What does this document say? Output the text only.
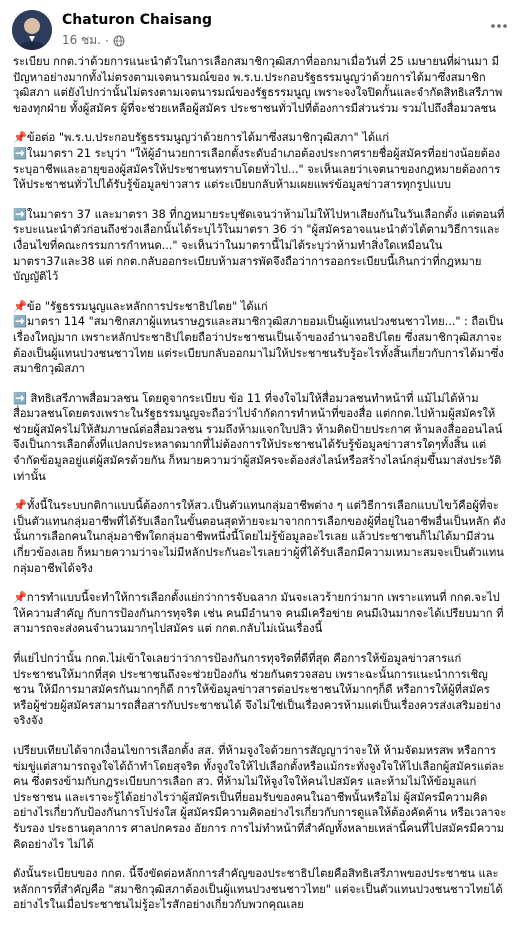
Chaturon Chaisang
16 ชม. ·

ระเบียบ กกต.ว่าด้วยการแนะนำตัวในการเลือกสมาชิกวุฒิสภาที่ออกมาเมื่อวันที่ 25 เมษายนที่ผ่านมา มีปัญหาอย่างมากทั้งไม่ตรงตามเจตนารมณ์ของ พ.ร.บ.ประกอบรัฐธรรมนูญว่าด้วยการได้มาซึ่งสมาชิกวุฒิสภา แต่ยังไปกว่านั้นไม่ตรงตามเจตนารมณ์ของรัฐธรรมนูญ เพราะจงใจปิดกั้นและจำกัดสิทธิเสรีภาพของทุกฝ่าย ทั้งผู้สมัคร ผู้ที่จะช่วยเหลือผู้สมัคร ประชาชนทั่วไปที่ต้องการมีส่วนร่วม รวมไปถึงสื่อมวลชน

📌ข้อต่อ "พ.ร.บ.ประกอบรัฐธรรมนูญว่าด้วยการได้มาซึ่งสมาชิกวุฒิสภา" ได้แก่
➡️ในมาตรา 21 ระบุว่า "ให้ผู้อำนวยการเลือกตั้งระดับอำเภอต้องประกาศรายชื่อผู้สมัครที่อย่างน้อยต้องระบุอาชีพและอายุของผู้สมัครให้ประชาชนทราบโดยทั่วไป..." จะเห็นเลยว่าเจตนาของกฎหมายต้องการให้ประชาชนทั่วไปได้รับรู้ข้อมูลข่าวสาร แต่ระเบียบกลับห้ามเผยแพร่ข้อมูลข่าวสารทุกรูปแบบ

➡️ในมาตรา 37 และมาตรา 38 ที่กฎหมายระบุชัดเจนว่าห้ามไม่ให้ไปหาเสียงกันในวันเลือกตั้ง แต่ตอนที่ระบะแนะนำตัวก่อนถึงช่วงเลือกนั้นได้ระบุไว้ในมาตรา 36 ว่า "ผู้สมัครอาจแนะนำตัวได้ตามวิธีการและเงื่อนไขที่คณะกรรมการกำหนด..." จะเห็นว่าในมาตรานี้ไม่ได้ระบุว่าห้ามทำสิ่งใดเหมือนในมาตรา37และ38 แต่ กกต.กลับออกระเบียบห้ามสารพัดจึงถือว่าการออกระเบียบนี้เกินกว่าที่กฎหมายบัญญัติไว้

📌ข้อ "รัฐธรรมนูญและหลักการประชาธิปไตย" ได้แก่
➡️มาตรา 114 "สมาชิกสภาผู้แทนราษฎรและสมาชิกวุฒิสภายอมเป็นผู้แทนปวงชนชาวไทย..." : ถือเป็นเรื่องใหญ่มาก เพราะหลักประชาธิปไตยถือว่าประชาชนเป็นเจ้าของอำนาจอธิปไตย ซึ่งสมาชิกวุฒิสภาจะต้องเป็นผู้แทนปวงชนชาวไทย แต่ระเบียบกลับออกมาไม่ให้ประชาชนรับรู้อะไรทั้งสิ้นเกี่ยวกับการได้มาซึ่งสมาชิกวุฒิสภา

➡️ สิทธิเสรีภาพสื่อมวลชน โดยดูจากระเบียบ ข้อ 11 ที่จงใจไม่ให้สื่อมวลชนทำหน้าที่ แม้ไม่ได้ห้ามสื่อมวลชนโดยตรงเพราะในรัฐธรรมนูญจะถือว่าไปจำกัดการทำหน้าที่ของสื่อ แต่กกต.ไปห้ามผู้สมัครให้ช่วยผู้สมัครไม่ให้สัมภาษณ์ต่อสื่อมวลชน รวมถึงห้ามแจกใบปลิว ห้ามติดป้ายประกาศ ห้ามลงสื่อออนไลน์ จึงเป็นการเลือกตั้งที่แปลกประหลาดมากที่ไม่ต้องการให้ประชาชนได้รับรู้ข้อมูลข่าวสารใดๆทั้งสิ้น แต่จำกัดข้อมูลอยู่แต่ผู้สมัครด้วยกัน ก็หมายความว่าผู้สมัครจะต้องส่งไลน์หรือสร้างไลน์กลุ่มขึ้นมาส่งประวัติเท่านั้น

📌ทั้งนี้ในระบบกติกาแบบนี้ต้องการให้สว.เป็นตัวแทนกลุ่มอาชีพต่าง ๆ แต่วิธีการเลือกแบบไขว้คือผู้ที่จะเป็นตัวแทนกลุ่มอาชีพที่ได้รับเลือกในขั้นตอนสุดท้ายจะมาจากการเลือกของผู้ที่อยู่ในอาชีพอื่นเป็นหลัก ดังนั้นการเลือกคนในกลุ่มอาชีพใดกลุ่มอาชีพหนึ่งนี้โดยไม่รู้ข้อมูลอะไรเลย แล้วประชาชนก็ไม่ได้มามีส่วนเกี่ยวข้องเลย ก็หมายความว่าจะไม่มีหลักประกันอะไรเลยว่าผู้ที่ได้รับเลือกมีความเหมาะสมจะเป็นตัวแทนกลุ่มอาชีพได้จริง

📌การทำแบบนี้จะทำให้การเลือกตั้งแย่กว่าการจับฉลาก มันจะเลวร้ายกว่ามาก เพราะแทนที่ กกต.จะไปให้ความสำคัญ กับการป้องกันการทุจริต เช่น คนมีอำนาจ คนมีเครือข่าย คนมีเงินมากจะได้เปรียบมาก ที่สามารถจะส่งคนจำนวนมากๆไปสมัคร แต่ กกต.กลับไม่เน้นเรื่องนี้

ที่แย่ไปกว่านั้น กกต.ไม่เข้าใจเลยว่าว่าการป้องกันการทุจริตที่ดีที่สุด คือการให้ข้อมูลข่าวสารแก่ประชาชนให้มากที่สุด ประชาชนถึงจะช่วยป้องกัน ช่วยกันตรวจสอบ เพราะฉะนั้นการแนะนำการเชิญชวน ให้มีการมาสมัครกันมากๆก็ดี การให้ข้อมูลข่าวสารต่อประชาชนให้มากๆก็ดี หรือการให้ผู้ที่สมัครหรือผู้ช่วยผู้สมัครสามารถสื่อสารกับประชาชนได้ จึงไม่ใช่เป็นเรื่องควรห้ามแต่เป็นเรื่องควรส่งเสริมอย่างจริงจัง

เปรียบเทียบได้จากเงื่อนไขการเลือกตั้ง สส. ที่ห้ามจูงใจด้วยการสัญญาว่าจะให้ ห้ามจัดมหรสพ หรือการข่มขู่แต่สามารถจูงใจได้ถ้าทำโดยสุจริต ทั้งจูงใจให้ไปเลือกตั้งหรือแม้กระทั่งจูงใจให้ไปเลือกผู้สมัครแต่ละคน ซึ่งตรงข้ามกับกฎระเบียบการเลือก สว. ที่ห้ามไม่ให้จูงใจให้คนไปสมัคร และห้ามไม่ให้ข้อมูลแก่ประชาชน และเราจะรู้ได้อย่างไรว่าผู้สมัครเป็นที่ยอมรับของคนในอาชีพนั้นหรือไม่ ผู้สมัครมีความคิดอย่างไรเกี่ยวกับป้องกันการโปร่งใส ผู้สมัครมีความคิดอย่างไรเกี่ยวกับการดูแลให้ต้องคัดค้าน หรือเวลาจะรับรอง ประธานตุลาการ ศาลปกครอง อัยการ การไม่ทำหน้าที่สำคัญทั้งหลายเหล่านี้คนที่ไปสมัครมีความคิดอย่างไร ไม่ได้

ดังนั้นระเบียบของ กกต. นี้จึงขัดต่อหลักการสำคัญของประชาธิปไตยคือสิทธิเสรีภาพของประชาชน และหลักการที่สำคัญคือ "สมาชิกวุฒิสภาต้องเป็นผู้แทนปวงชนชาวไทย" แต่จะเป็นตัวแทนปวงชนชาวไทยได้อย่างไรในเมื่อประชาชนไม่รู้อะไรสักอย่างเกี่ยวกับพวกคุณเลย
